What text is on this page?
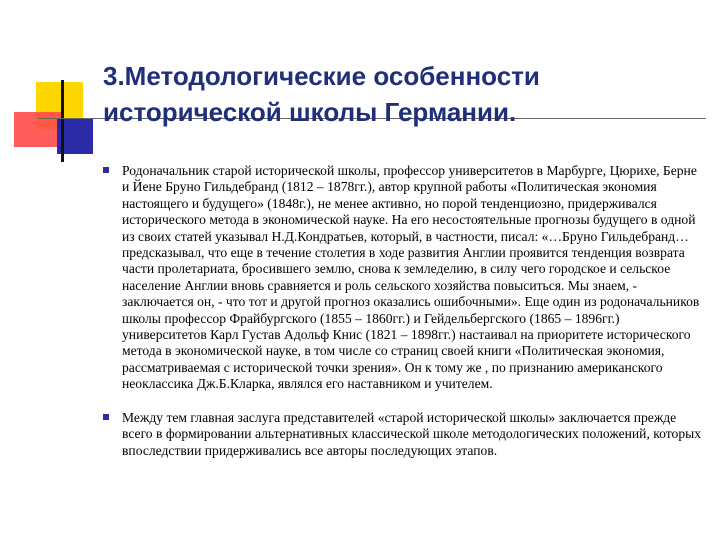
3.Методологические особенности
исторической школы Германии.
Родоначальник старой исторической школы, профессор университетов в Марбурге, Цюрихе, Берне и Йене Бруно Гильдебранд (1812 – 1878гг.), автор крупной работы «Политическая экономия настоящего и будущего» (1848г.), не менее активно, но порой тенденциозно, придерживался исторического метода в экономической науке. На его несостоятельные прогнозы будущего в одной из своих статей указывал Н.Д.Кондратьев, который, в частности, писал: «…Бруно Гильдебранд…предсказывал, что еще в течение столетия в ходе развития Англии проявится тенденция возврата части пролетариата, бросившего землю, снова к земледелию, в силу чего городское и сельское население Англии вновь сравняется и роль сельского хозяйства повыситься. Мы знаем, - заключается он, - что тот и другой прогноз оказались ошибочными». Еще один из родоначальников школы профессор Фрайбургского (1855 – 1860гг.) и Гейдельбергского (1865 – 1896гг.) университетов Карл Густав Адольф Книс (1821 – 1898гг.) настаивал на приоритете исторического метода в экономической науке, в том числе со страниц своей книги «Политическая экономия, рассматриваемая с исторической точки зрения». Он к тому же , по признанию американского неоклассика Дж.Б.Кларка, являлся его наставником и учителем.
Между тем главная заслуга представителей «старой исторической школы» заключается прежде всего в формировании альтернативных классической школе методологических положений, которых впоследствии придерживались все авторы последующих этапов.
